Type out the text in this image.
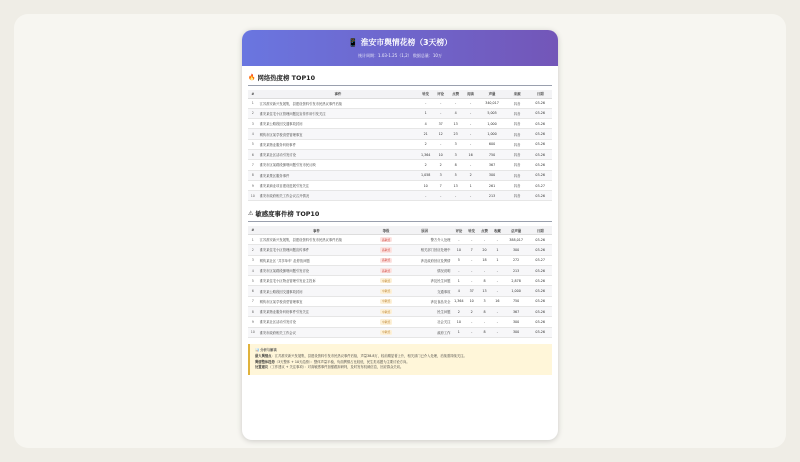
📱 淮安市舆情花榜（3天榜）
统计周期：1.03-1.25（1,2） 数据总量：10万
🔥 网络热度榜 TOP10
#	事件	转发	评论	点赞	阅读	声量	来源	日期
1	江苏淮安新兴发展集，县建设资料引发市民热议事件后续	-	-	-	-	340,017	抖音	03-26
2	淮安某住宅小区管理问题及宣传作用引发关注	1	-	4	-	5,005	抖音	03-26
3	淮安某公路段因交通事故封闭	4	37	13	-	1,000	抖音	03-26
4	网传市区某学校食堂管理事宜	21	12	23	-	1,000	抖音	03-26
5	淮安某物业服务纠纷事件	2	-	3	-	600	抖音	03-26
6	淮安某社区活动引发讨论	1,364	10	3	16	750	抖音	03-26
7	淮安市区某路段拥堵问题引发市民反映	2	2	8	-	367	抖音	03-26
8	淮安某景区服务事件	1,058	3	5	2	300	抖音	03-26
9	淮安某商业项目建设进展引发关注	10	7	13	1	261	抖音	03-27
10	淮安市政府相关工作会议召开情况	-	-	-	-	213	抖音	03-26
⚠ 敏感度事件榜 TOP10
#	事件	等级	原因	评论	转发	点赞	收藏	总声量	日期
1	江苏淮安新兴发展集，县建设资料引发市民热议事件后续	高敏感	警方介入处理	-	-	-	-	388,017	03-26
2	淮安某住宅小区管理问题宣传事件	高敏感	相关部门回应处理中	10	7	20	1	300	03-26
3	网传某社区 '共享单车' 乱停放问题	高敏感	涉及政府回应及舆情	5	-	18	1	272	03-27
4	淮安市区某路段拥堵问题引发讨论	高敏感	情况说明	-	-	-	-	213	03-26
5	淮安某住宅小区物业管理引发业主投诉	中敏感	涉及民生问题	1	-	8	-	2,878	03-26
6	淮安某公路段因交通事故封闭	中敏感	交通事故	4	37	13	-	1,000	03-26
7	网传市区某学校食堂管理事宜	中敏感	涉及食品安全	1,364	10	3	16	750	03-26
8	淮安某物业服务纠纷事件引发关注	中敏感	民生问题	2	2	8	-	367	03-26
9	淮安某社区活动引发讨论	中敏感	社会关注	10	-	-	-	300	03-26
10	淮安市政府相关工作会议	中敏感	政府工作	1	-	8	-	300	03-26
📊 分析与解读
最大舆情点：江苏淮安新兴发展集，县建设资料引发市民热议事件后续，声量38.8万，较前期显著上升，相关部门已介入处理，后续需持续关注。
舆情整体趋势（3天整体 + 10天趋势）：整体声量平稳，负面舆情占比较低，民生类话题为主要讨论方向。
处置建议（工作建议 + 关注事项）：对高敏感事件加强跟踪研判，及时发布权威信息，回应群众关切。
